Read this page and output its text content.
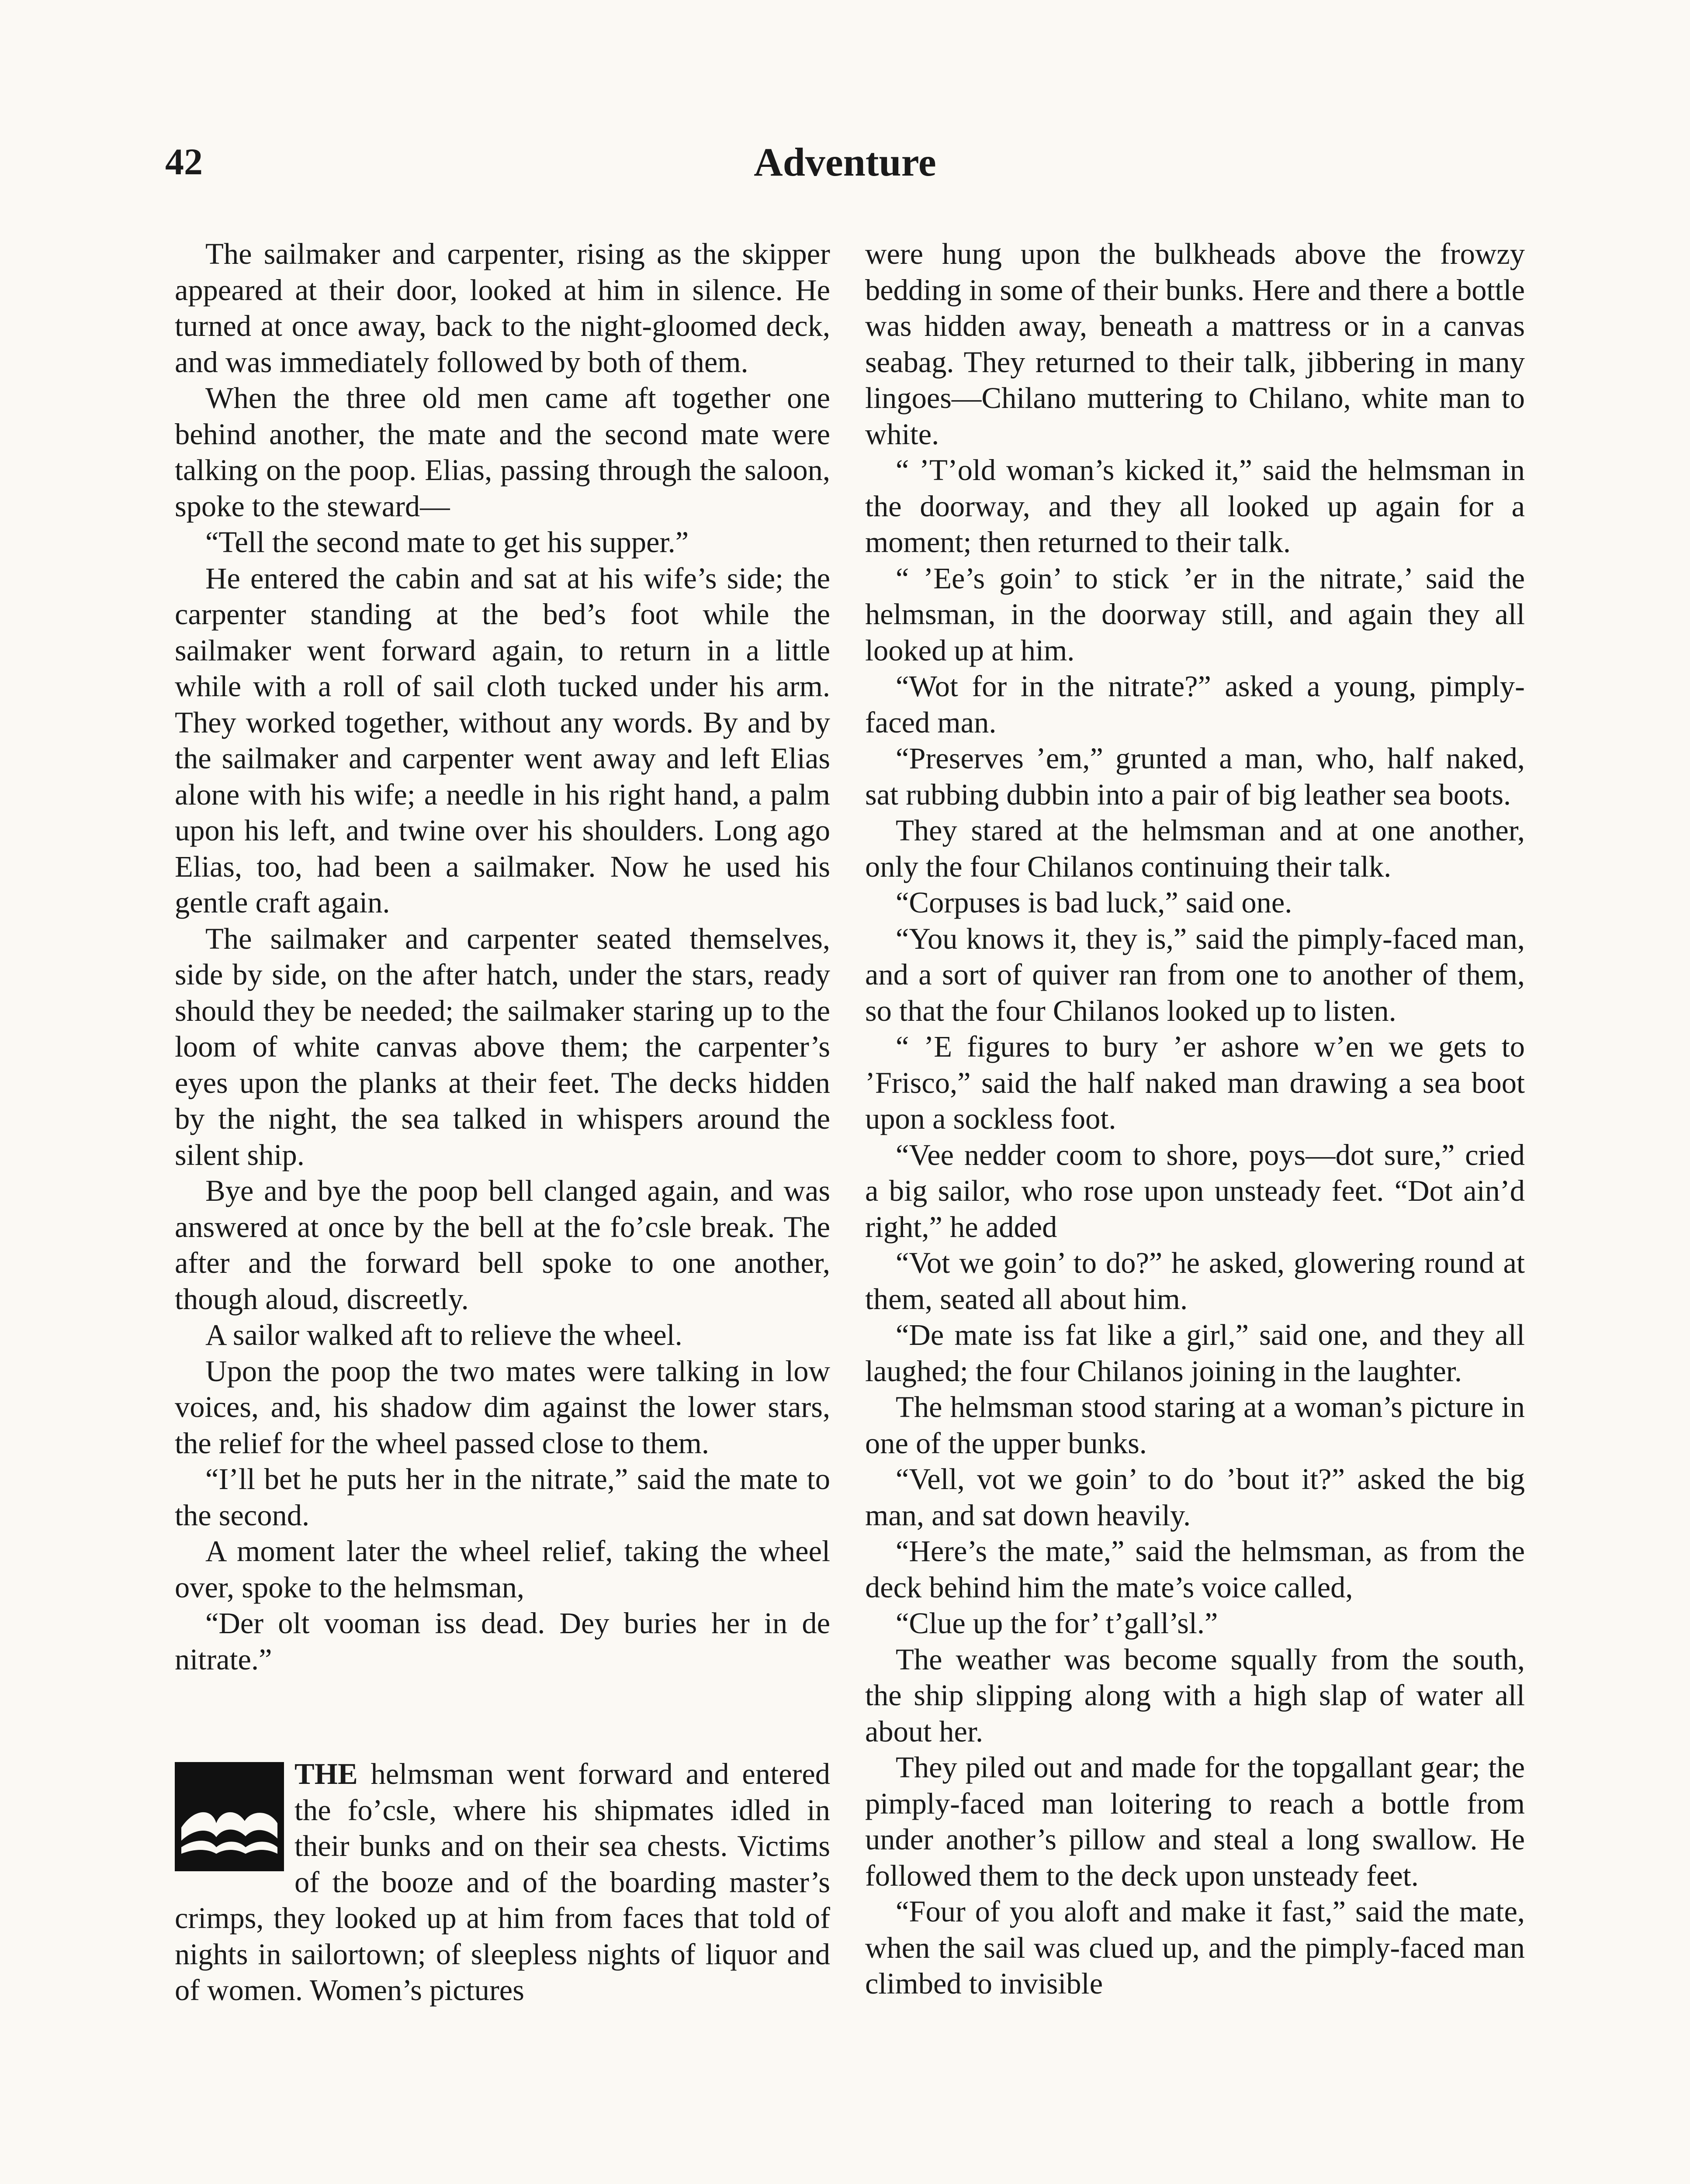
42	Adventure

The sailmaker and carpenter, rising as the skipper appeared at their door, looked at him in silence. He turned at once away, back to the night-gloomed deck, and was immediately followed by both of them.

When the three old men came aft together one behind another, the mate and the second mate were talking on the poop. Elias, passing through the saloon, spoke to the steward—

“Tell the second mate to get his supper.”

He entered the cabin and sat at his wife’s side; the carpenter standing at the bed’s foot while the sailmaker went forward again, to return in a little while with a roll of sail cloth tucked under his arm. They worked together, without any words. By and by the sailmaker and carpenter went away and left Elias alone with his wife; a needle in his right hand, a palm upon his left, and twine over his shoulders. Long ago Elias, too, had been a sailmaker. Now he used his gentle craft again.

The sailmaker and carpenter seated themselves, side by side, on the after hatch, under the stars, ready should they be needed; the sailmaker staring up to the loom of white canvas above them; the carpenter’s eyes upon the planks at their feet. The decks hidden by the night, the sea talked in whispers around the silent ship.

Bye and bye the poop bell clanged again, and was answered at once by the bell at the fo’csle break. The after and the forward bell spoke to one another, though aloud, discreetly.

A sailor walked aft to relieve the wheel.

Upon the poop the two mates were talking in low voices, and, his shadow dim against the lower stars, the relief for the wheel passed close to them.

“I’ll bet he puts her in the nitrate,” said the mate to the second.

A moment later the wheel relief, taking the wheel over, spoke to the helmsman,

“Der olt vooman iss dead. Dey buries her in de nitrate.”

THE helmsman went forward and entered the fo’csle, where his shipmates idled in their bunks and on their sea chests. Victims of the booze and of the boarding master’s crimps, they looked up at him from faces that told of nights in sailortown; of sleepless nights of liquor and of women. Women’s pictures

were hung upon the bulkheads above the frowzy bedding in some of their bunks. Here and there a bottle was hidden away, beneath a mattress or in a canvas seabag. They returned to their talk, jibbering in many lingoes—Chilano muttering to Chilano, white man to white.

“ ’T’old woman’s kicked it,” said the helmsman in the doorway, and they all looked up again for a moment; then returned to their talk.

“ ’Ee’s goin’ to stick ’er in the nitrate,’ said the helmsman, in the doorway still, and again they all looked up at him.

“Wot for in the nitrate?” asked a young, pimply-faced man.

“Preserves ’em,” grunted a man, who, half naked, sat rubbing dubbin into a pair of big leather sea boots.

They stared at the helmsman and at one another, only the four Chilanos continuing their talk.

“Corpuses is bad luck,” said one.

“You knows it, they is,” said the pimply-faced man, and a sort of quiver ran from one to another of them, so that the four Chilanos looked up to listen.

“ ’E figures to bury ’er ashore w’en we gets to ’Frisco,” said the half naked man drawing a sea boot upon a sockless foot.

“Vee nedder coom to shore, poys—dot sure,” cried a big sailor, who rose upon unsteady feet. “Dot ain’d right,” he added

“Vot we goin’ to do?” he asked, glowering round at them, seated all about him.

“De mate iss fat like a girl,” said one, and they all laughed; the four Chilanos joining in the laughter.

The helmsman stood staring at a woman’s picture in one of the upper bunks.

“Vell, vot we goin’ to do ’bout it?” asked the big man, and sat down heavily.

“Here’s the mate,” said the helmsman, as from the deck behind him the mate’s voice called,

“Clue up the for’ t’gall’sl.”

The weather was become squally from the south, the ship slipping along with a high slap of water all about her.

They piled out and made for the topgallant gear; the pimply-faced man loitering to reach a bottle from under another’s pillow and steal a long swallow. He followed them to the deck upon unsteady feet.

“Four of you aloft and make it fast,” said the mate, when the sail was clued up, and the pimply-faced man climbed to invisible
